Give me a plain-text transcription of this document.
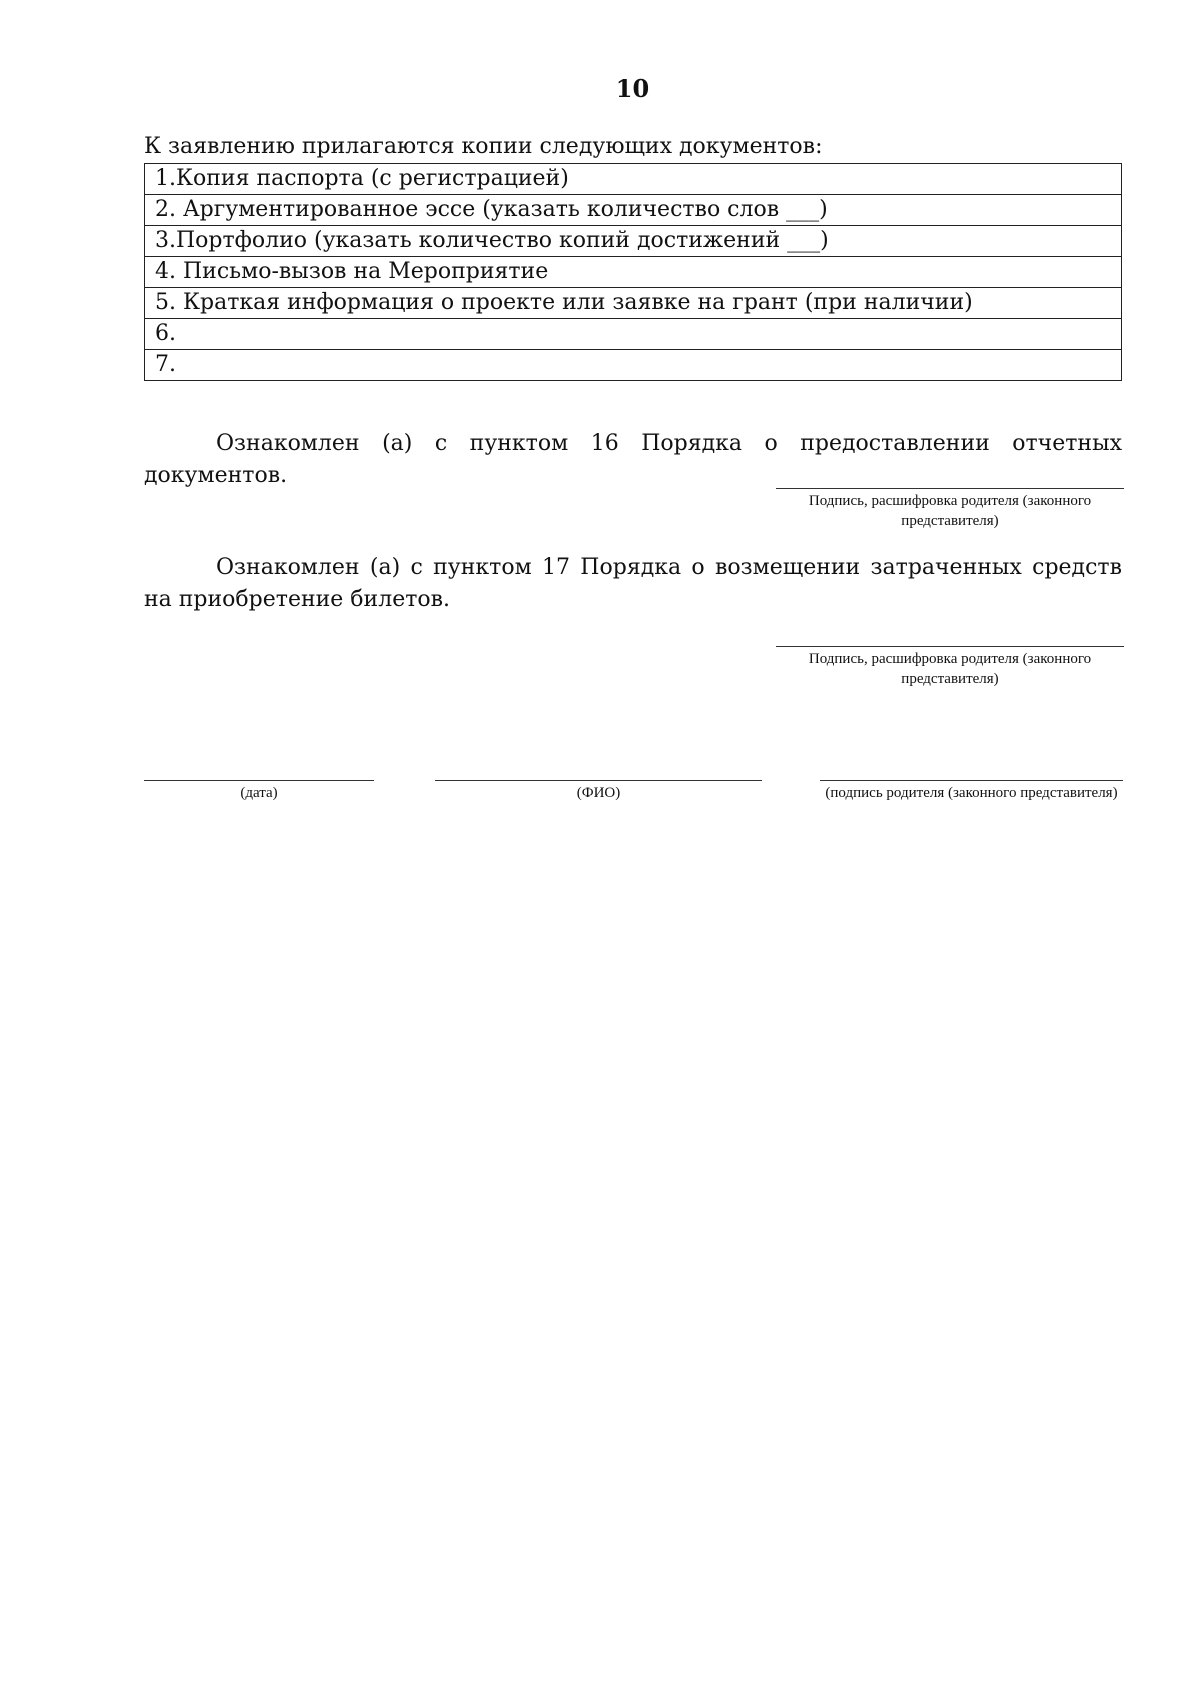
10
К заявлению прилагаются копии следующих документов:
1.Копия паспорта (с регистрацией)
2. Аргументированное эссе (указать количество слов ___)
3.Портфолио (указать количество копий достижений ___)
4. Письмо-вызов на Мероприятие
5. Краткая информация о проекте или заявке на грант (при наличии)
6.
7.
Ознакомлен (а) с пунктом 16 Порядка о предоставлении отчетных документов.
Подпись, расшифровка родителя (законного представителя)
Ознакомлен (а) с пунктом 17 Порядка о возмещении затраченных средств на приобретение билетов.
Подпись, расшифровка родителя (законного представителя)
(дата)	(ФИО)	(подпись родителя (законного представителя)
